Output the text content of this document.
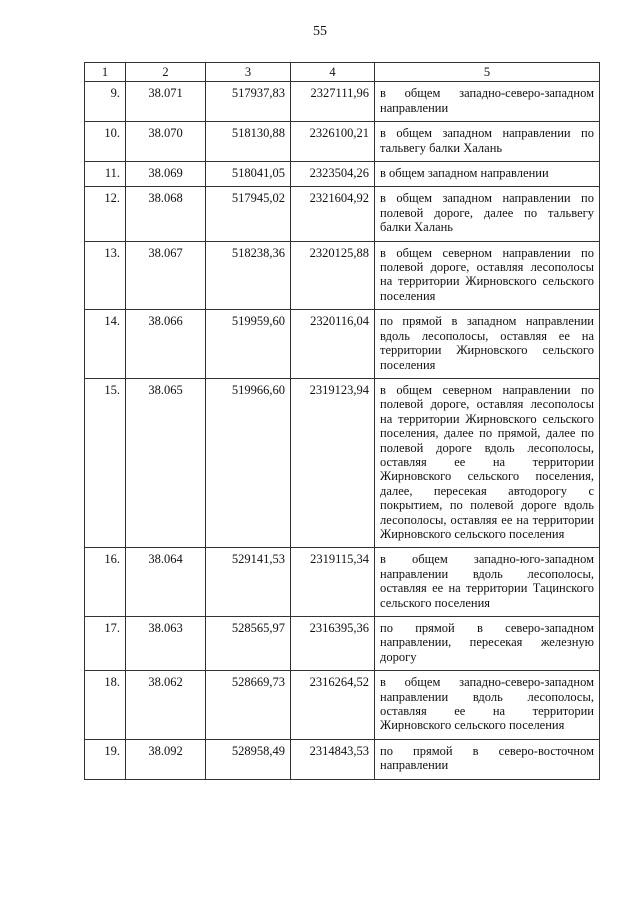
55
1	2	3	4	5
9.	38.071	517937,83	2327111,96	в общем западно-северо-западном направлении
10.	38.070	518130,88	2326100,21	в общем западном направлении по тальвегу балки Халань
11.	38.069	518041,05	2323504,26	в общем западном направлении
12.	38.068	517945,02	2321604,92	в общем западном направлении по полевой дороге, далее по тальвегу балки Халань
13.	38.067	518238,36	2320125,88	в общем северном направлении по полевой дороге, оставляя лесополосы на территории Жирновского сельского поселения
14.	38.066	519959,60	2320116,04	по прямой в западном направлении вдоль лесополосы, оставляя ее на территории Жирновского сельского поселения
15.	38.065	519966,60	2319123,94	в общем северном направлении по полевой дороге, оставляя лесополосы на территории Жирновского сельского поселения, далее по прямой, далее по полевой дороге вдоль лесополосы, оставляя ее на территории Жирновского сельского поселения, далее, пересекая автодорогу с покрытием, по полевой дороге вдоль лесополосы, оставляя ее на территории Жирновского сельского поселения
16.	38.064	529141,53	2319115,34	в общем западно-юго-западном направлении вдоль лесополосы, оставляя ее на территории Тацинского сельского поселения
17.	38.063	528565,97	2316395,36	по прямой в северо-западном направлении, пересекая железную дорогу
18.	38.062	528669,73	2316264,52	в общем западно-северо-западном направлении вдоль лесополосы, оставляя ее на территории Жирновского сельского поселения
19.	38.092	528958,49	2314843,53	по прямой в северо-восточном направлении
